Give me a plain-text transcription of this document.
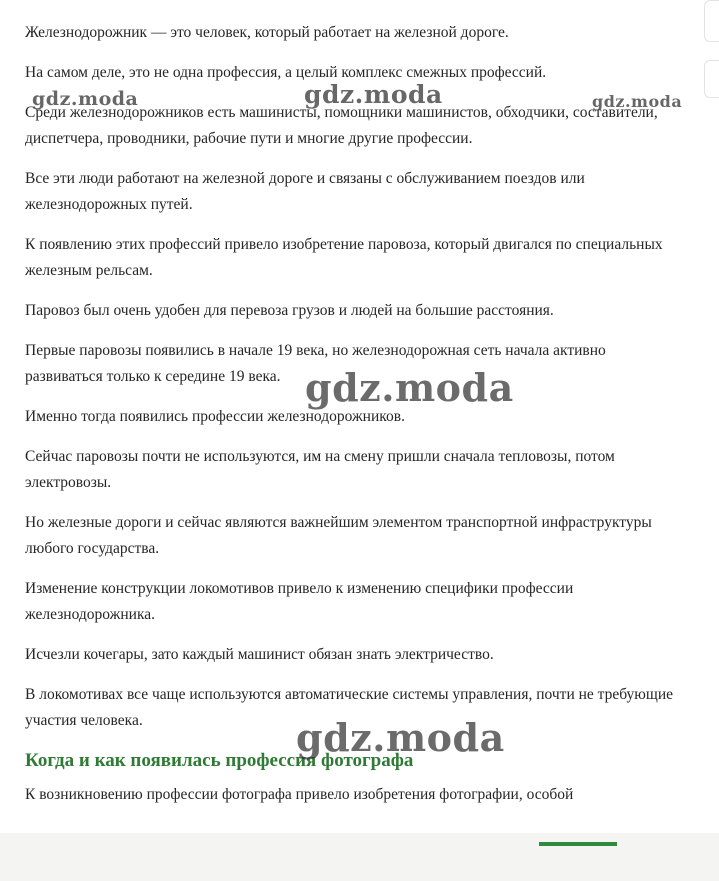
Железнодорожник — это человек, который работает на железной дороге.

На самом деле, это не одна профессия, а целый комплекс смежных профессий.

Среди железнодорожников есть машинисты, помощники машинистов, обходчики, составители, диспетчера, проводники, рабочие пути и многие другие профессии.

Все эти люди работают на железной дороге и связаны с обслуживанием поездов или железнодорожных путей.

К появлению этих профессий привело изобретение паровоза, который двигался по специальных железным рельсам.

Паровоз был очень удобен для перевоза грузов и людей на большие расстояния.

Первые паровозы появились в начале 19 века, но железнодорожная сеть начала активно развиваться только к середине 19 века.

Именно тогда появились профессии железнодорожников.

Сейчас паровозы почти не используются, им на смену пришли сначала тепловозы, потом электровозы.

Но железные дороги и сейчас являются важнейшим элементом транспортной инфраструктуры любого государства.

Изменение конструкции локомотивов привело к изменению специфики профессии железнодорожника.

Исчезли кочегары, зато каждый машинист обязан знать электричество.

В локомотивах все чаще используются автоматические системы управления, почти не требующие участия человека.

Когда и как появилась профессия фотографа

К возникновению профессии фотографа привело изобретения фотографии, особой

gdz.moda	gdz.moda	gdz.moda
gdz.moda
gdz.moda
